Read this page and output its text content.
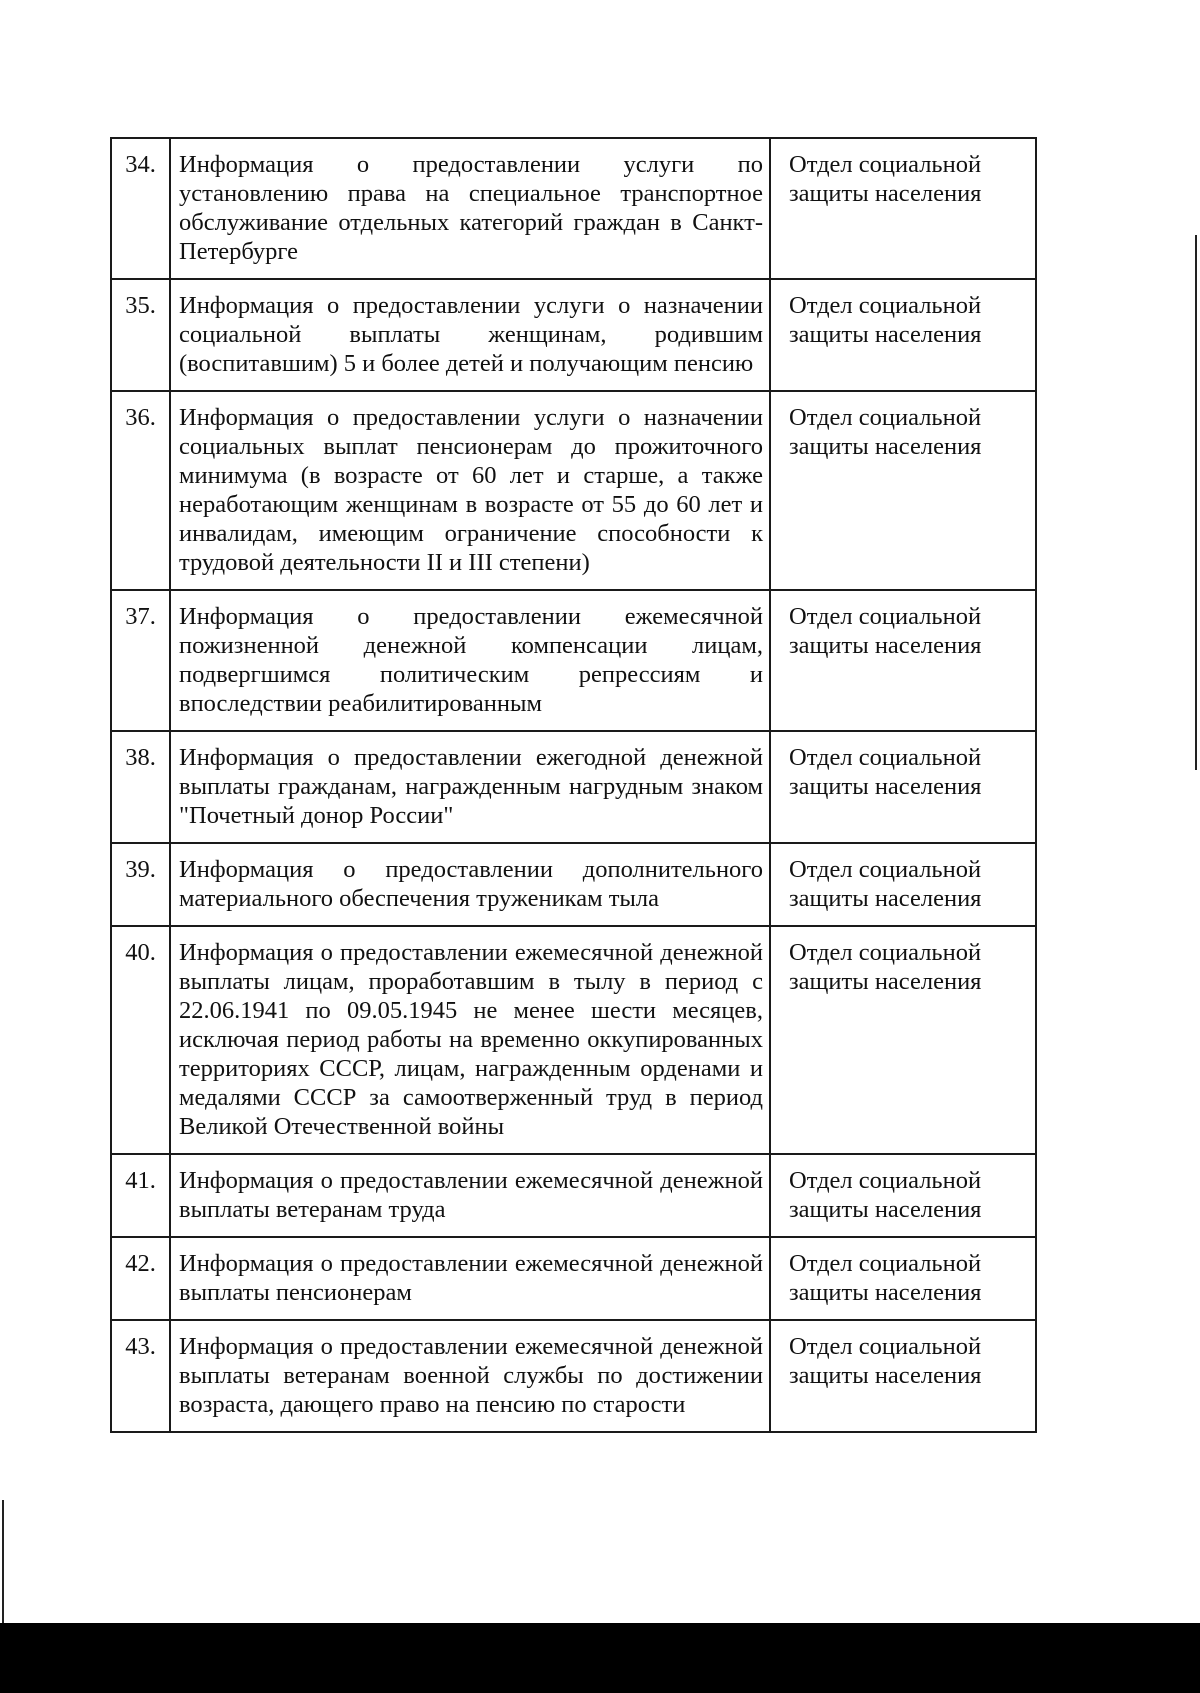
34.	Информация о предоставлении услуги по установлению права на специальное транспортное обслуживание отдельных категорий граждан в Санкт-Петербурге	Отдел социальной защиты населения
35.	Информация о предоставлении услуги о назначении социальной выплаты женщинам, родившим (воспитавшим) 5 и более детей и получающим пенсию	Отдел социальной защиты населения
36.	Информация о предоставлении услуги о назначении социальных выплат пенсионерам до прожиточного минимума (в возрасте от 60 лет и старше, а также неработающим женщинам в возрасте от 55 до 60 лет и инвалидам, имеющим ограничение способности к трудовой деятельности II и III степени)	Отдел социальной защиты населения
37.	Информация о предоставлении ежемесячной пожизненной денежной компенсации лицам, подвергшимся политическим репрессиям и впоследствии реабилитированным	Отдел социальной защиты населения
38.	Информация о предоставлении ежегодной денежной выплаты гражданам, награжденным нагрудным знаком "Почетный донор России"	Отдел социальной защиты населения
39.	Информация о предоставлении дополнительного материального обеспечения труженикам тыла	Отдел социальной защиты населения
40.	Информация о предоставлении ежемесячной денежной выплаты лицам, проработавшим в тылу в период с 22.06.1941 по 09.05.1945 не менее шести месяцев, исключая период работы на временно оккупированных территориях СССР, лицам, награжденным орденами и медалями СССР за самоотверженный труд в период Великой Отечественной войны	Отдел социальной защиты населения
41.	Информация о предоставлении ежемесячной денежной выплаты ветеранам труда	Отдел социальной защиты населения
42.	Информация о предоставлении ежемесячной денежной выплаты пенсионерам	Отдел социальной защиты населения
43.	Информация о предоставлении ежемесячной денежной выплаты ветеранам военной службы по достижении возраста, дающего право на пенсию по старости	Отдел социальной защиты населения
